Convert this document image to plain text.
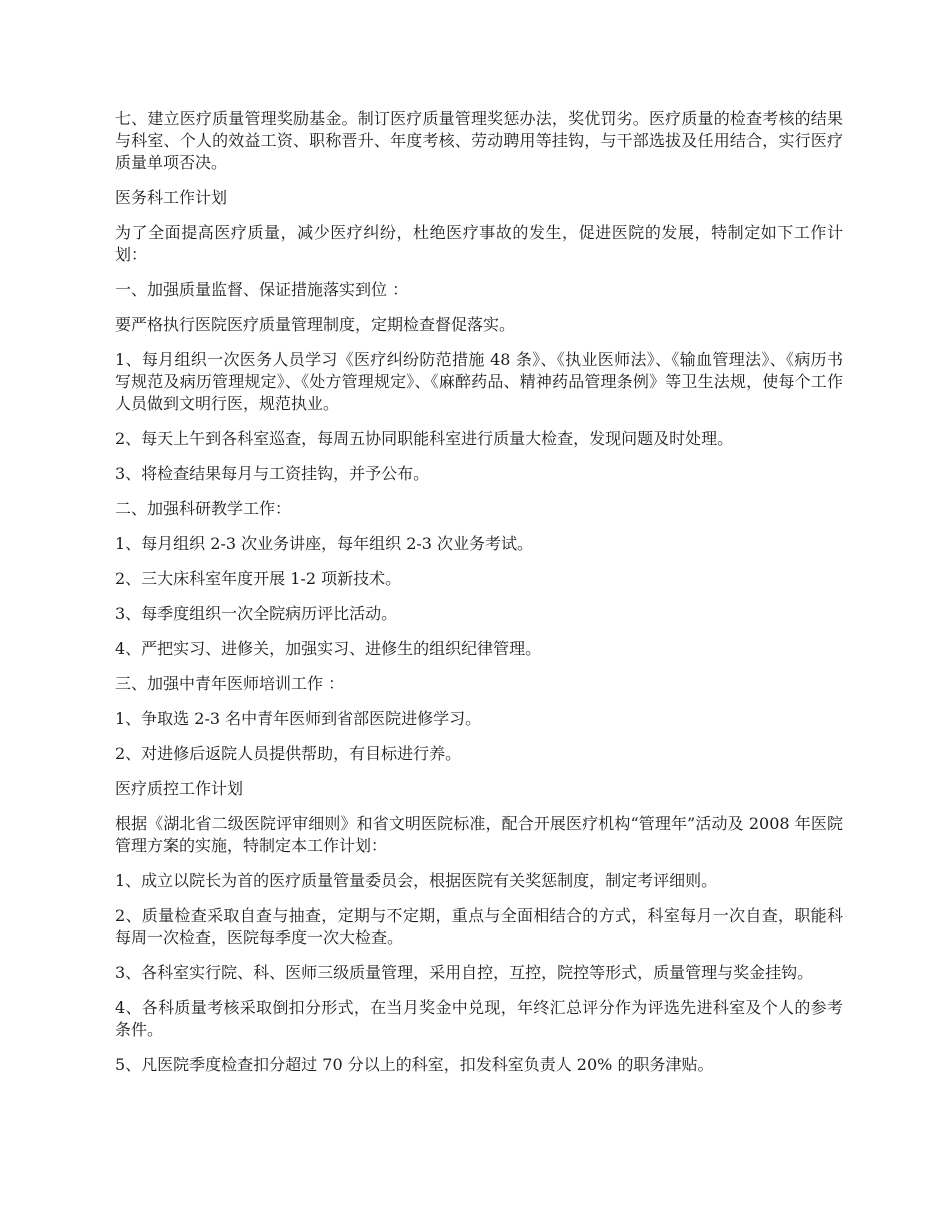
七、建立医疗质量管理奖励基金。制订医疗质量管理奖惩办法，奖优罚劣。医疗质量的检查考核的结果与科室、个人的效益工资、职称晋升、年度考核、劳动聘用等挂钩，与干部选拔及任用结合，实行医疗质量单项否决。

医务科工作计划

为了全面提高医疗质量，减少医疗纠纷，杜绝医疗事故的发生，促进医院的发展，特制定如下工作计划：

一、加强质量监督、保证措施落实到位 ：

要严格执行医院医疗质量管理制度，定期检查督促落实。

1、每月组织一次医务人员学习《医疗纠纷防范措施 48 条》、《执业医师法》、《输血管理法》、《病历书写规范及病历管理规定》、《处方管理规定》、《麻醉药品、精神药品管理条例》等卫生法规，使每个工作人员做到文明行医，规范执业。

2、每天上午到各科室巡查，每周五协同职能科室进行质量大检查，发现问题及时处理。

3、将检查结果每月与工资挂钩，并予公布。

二、加强科研教学工作：

1、每月组织 2-3 次业务讲座，每年组织 2-3 次业务考试。

2、三大床科室年度开展 1-2 项新技术。

3、每季度组织一次全院病历评比活动。

4、严把实习、进修关，加强实习、进修生的组织纪律管理。

三、加强中青年医师培训工作 ：

1、争取选 2-3 名中青年医师到省部医院进修学习。

2、对进修后返院人员提供帮助，有目标进行养。

医疗质控工作计划

根据《湖北省二级医院评审细则》和省文明医院标准，配合开展医疗机构“管理年”活动及 2008 年医院管理方案的实施，特制定本工作计划：

1、成立以院长为首的医疗质量管量委员会，根据医院有关奖惩制度，制定考评细则。

2、质量检查采取自查与抽查，定期与不定期，重点与全面相结合的方式，科室每月一次自查，职能科每周一次检查，医院每季度一次大检查。

3、各科室实行院、科、医师三级质量管理，采用自控，互控，院控等形式，质量管理与奖金挂钩。

4、各科质量考核采取倒扣分形式，在当月奖金中兑现，年终汇总评分作为评选先进科室及个人的参考条件。

5、凡医院季度检查扣分超过 70 分以上的科室，扣发科室负责人 20% 的职务津贴。
